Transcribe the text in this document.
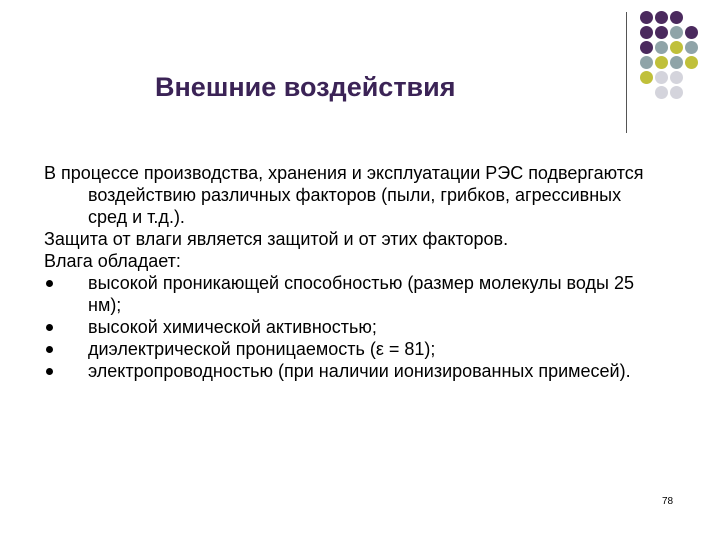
Внешние воздействия

В процессе производства, хранения и эксплуатации РЭС подвергаются воздействию различных факторов (пыли, грибков, агрессивных сред и т.д.).

Защита от влаги является защитой и от этих факторов.

Влага обладает:

высокой проникающей способностью (размер молекулы воды 25 нм);
высокой химической активностью;
диэлектрической проницаемость (ε = 81);
электропроводностью (при наличии ионизированных примесей).
78
